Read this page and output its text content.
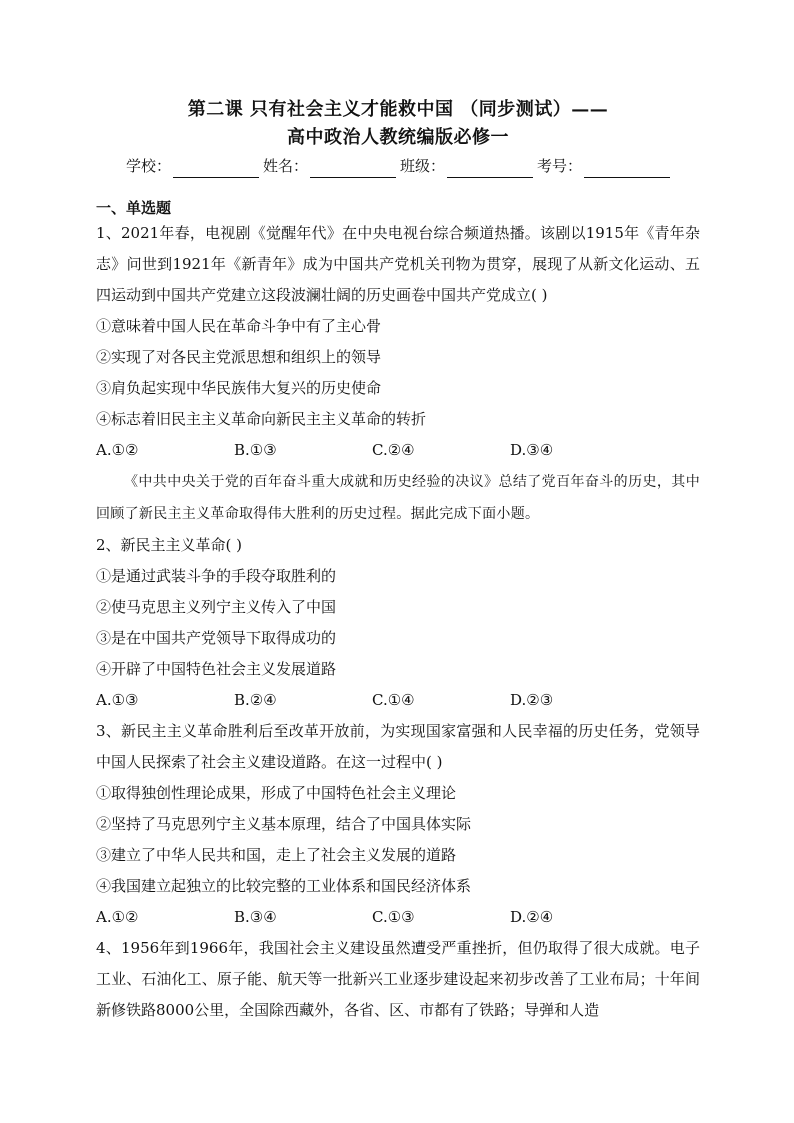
第二课 只有社会主义才能救中国 （同步测试）——
高中政治人教统编版必修一
学校：	姓名：	班级：	考号：
一、单选题
1、2021年春，电视剧《觉醒年代》在中央电视台综合频道热播。该剧以1915年《青年杂志》问世到1921年《新青年》成为中国共产党机关刊物为贯穿，展现了从新文化运动、五四运动到中国共产党建立这段波澜壮阔的历史画卷中国共产党成立( )
①意味着中国人民在革命斗争中有了主心骨
②实现了对各民主党派思想和组织上的领导
③肩负起实现中华民族伟大复兴的历史使命
④标志着旧民主主义革命向新民主主义革命的转折
A.①②	B.①③	C.②④	D.③④
《中共中央关于党的百年奋斗重大成就和历史经验的决议》总结了党百年奋斗的历史，其中回顾了新民主主义革命取得伟大胜利的历史过程。据此完成下面小题。
2、新民主主义革命( )
①是通过武装斗争的手段夺取胜利的
②使马克思主义列宁主义传入了中国
③是在中国共产党领导下取得成功的
④开辟了中国特色社会主义发展道路
A.①③	B.②④	C.①④	D.②③
3、新民主主义革命胜利后至改革开放前，为实现国家富强和人民幸福的历史任务，党领导中国人民探索了社会主义建设道路。在这一过程中( )
①取得独创性理论成果，形成了中国特色社会主义理论
②坚持了马克思列宁主义基本原理，结合了中国具体实际
③建立了中华人民共和国，走上了社会主义发展的道路
④我国建立起独立的比较完整的工业体系和国民经济体系
A.①②	B.③④	C.①③	D.②④
4、1956年到1966年，我国社会主义建设虽然遭受严重挫折，但仍取得了很大成就。电子工业、石油化工、原子能、航天等一批新兴工业逐步建设起来初步改善了工业布局；十年间新修铁路8000公里，全国除西藏外，各省、区、市都有了铁路；导弹和人造
